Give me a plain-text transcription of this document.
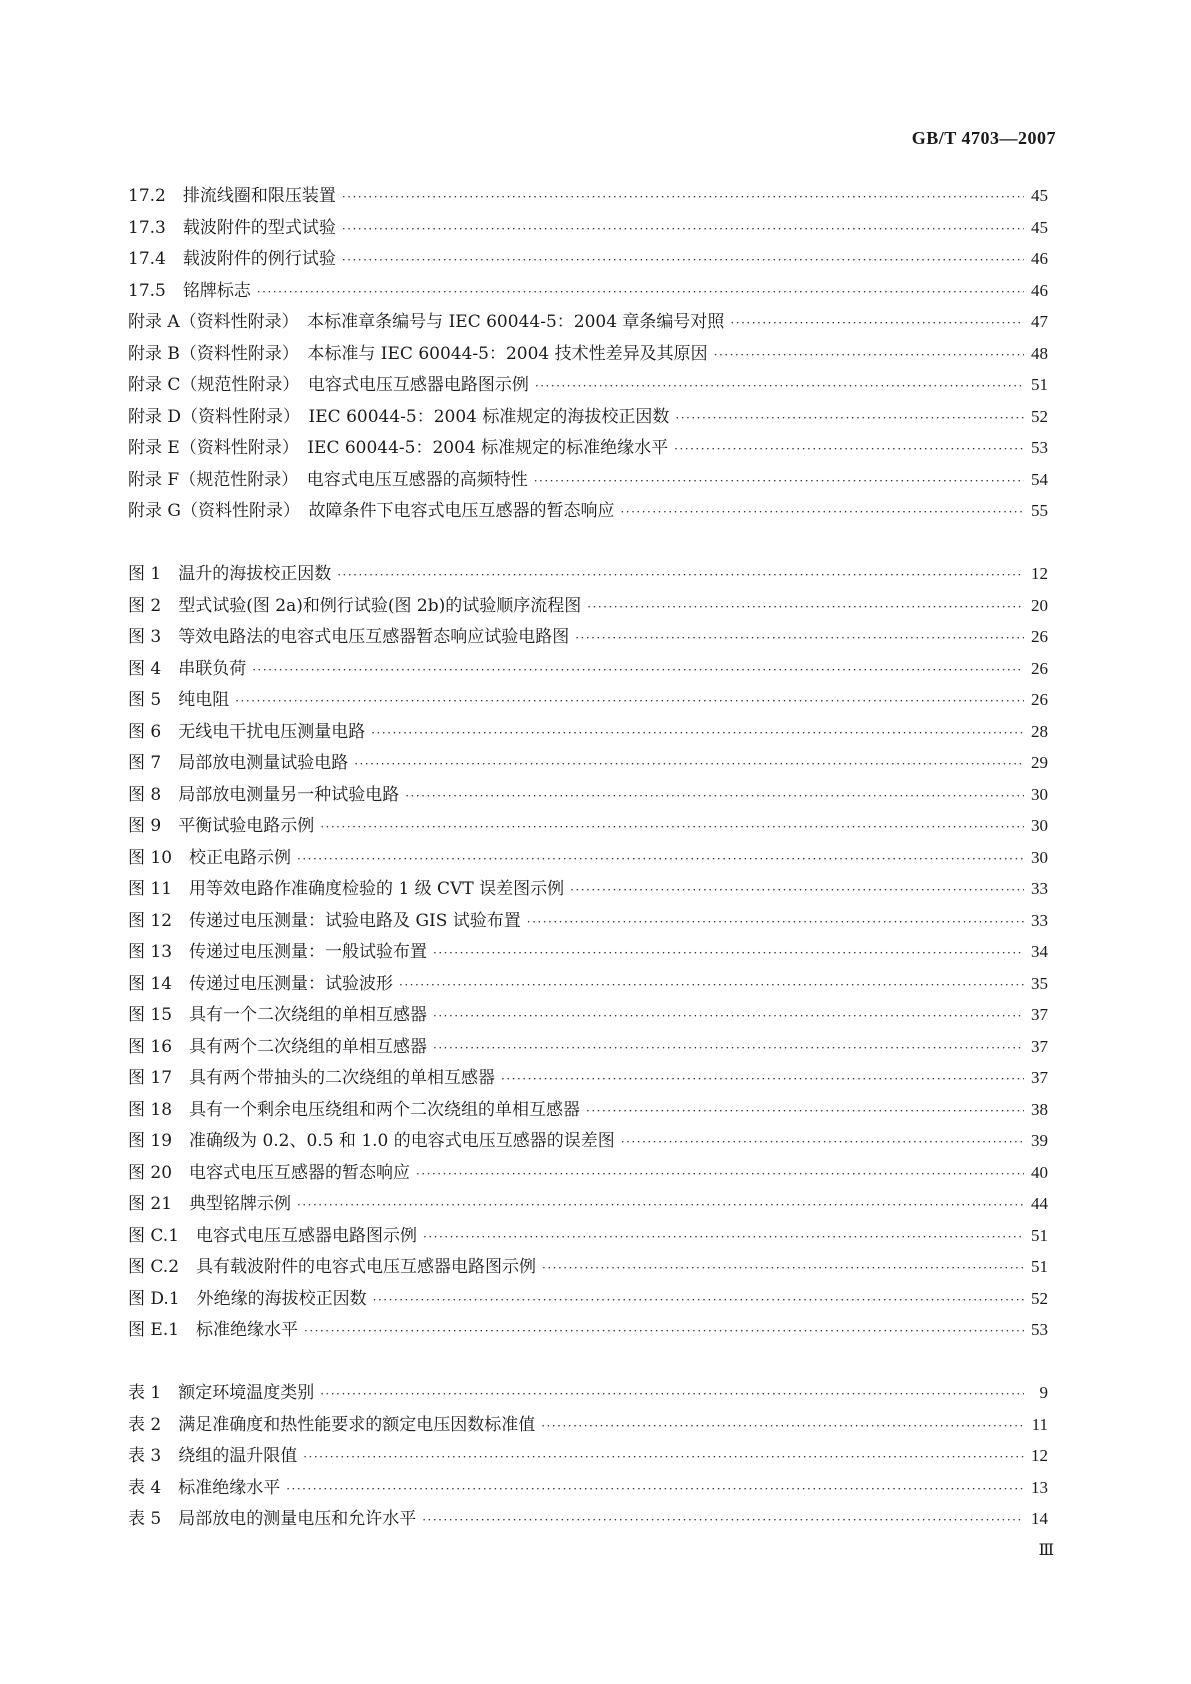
GB/T 4703—2007
17.2　排流线圈和限压装置 ·····	45
17.3　载波附件的型式试验 ·····	45
17.4　载波附件的例行试验 ·····	46
17.5　铭牌标志 ·····	46
附录 A（资料性附录）　本标准章条编号与 IEC 60044-5：2004 章条编号对照 ·····	47
附录 B（资料性附录）　本标准与 IEC 60044-5：2004 技术性差异及其原因 ·····	48
附录 C（规范性附录）　电容式电压互感器电路图示例 ·····	51
附录 D（资料性附录）　IEC 60044-5：2004 标准规定的海拔校正因数 ·····	52
附录 E（资料性附录）　IEC 60044-5：2004 标准规定的标准绝缘水平 ·····	53
附录 F（规范性附录）　电容式电压互感器的高频特性 ·····	54
附录 G（资料性附录）　故障条件下电容式电压互感器的暂态响应 ·····	55
图 1　温升的海拔校正因数 ·····	12
图 2　型式试验(图 2a)和例行试验(图 2b)的试验顺序流程图 ·····	20
图 3　等效电路法的电容式电压互感器暂态响应试验电路图 ·····	26
图 4　串联负荷 ·····	26
图 5　纯电阻 ·····	26
图 6　无线电干扰电压测量电路 ·····	28
图 7　局部放电测量试验电路 ·····	29
图 8　局部放电测量另一种试验电路 ·····	30
图 9　平衡试验电路示例 ·····	30
图 10　校正电路示例 ·····	30
图 11　用等效电路作准确度检验的 1 级 CVT 误差图示例 ·····	33
图 12　传递过电压测量：试验电路及 GIS 试验布置 ·····	33
图 13　传递过电压测量：一般试验布置 ·····	34
图 14　传递过电压测量：试验波形 ·····	35
图 15　具有一个二次绕组的单相互感器 ·····	37
图 16　具有两个二次绕组的单相互感器 ·····	37
图 17　具有两个带抽头的二次绕组的单相互感器 ·····	37
图 18　具有一个剩余电压绕组和两个二次绕组的单相互感器 ·····	38
图 19　准确级为 0.2、0.5 和 1.0 的电容式电压互感器的误差图 ·····	39
图 20　电容式电压互感器的暂态响应 ·····	40
图 21　典型铭牌示例 ·····	44
图 C.1　电容式电压互感器电路图示例 ·····	51
图 C.2　具有载波附件的电容式电压互感器电路图示例 ·····	51
图 D.1　外绝缘的海拔校正因数 ·····	52
图 E.1　标准绝缘水平 ·····	53
表 1　额定环境温度类别 ·····	9
表 2　满足准确度和热性能要求的额定电压因数标准值 ·····	11
表 3　绕组的温升限值 ·····	12
表 4　标准绝缘水平 ·····	13
表 5　局部放电的测量电压和允许水平 ·····	14
Ⅲ
